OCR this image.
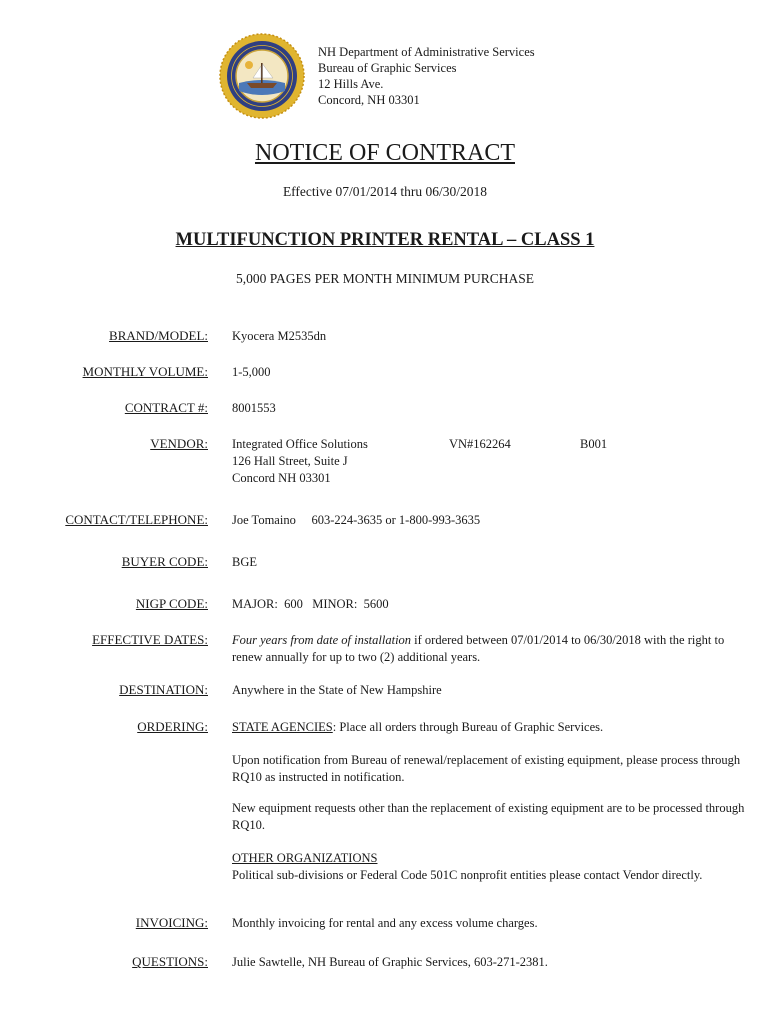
NH Department of Administrative Services
Bureau of Graphic Services
12 Hills Ave.
Concord, NH 03301
NOTICE OF CONTRACT
Effective 07/01/2014 thru 06/30/2018
MULTIFUNCTION PRINTER RENTAL – CLASS 1
5,000 PAGES PER MONTH MINIMUM PURCHASE
BRAND/MODEL: Kyocera M2535dn
MONTHLY VOLUME: 1-5,000
CONTRACT #: 8001553
VENDOR: Integrated Office Solutions	VN#162264	B001
126 Hall Street, Suite J
Concord NH 03301
CONTACT/TELEPHONE: Joe Tomaino     603-224-3635 or 1-800-993-3635
BUYER CODE: BGE
NIGP CODE: MAJOR:  600   MINOR:  5600
EFFECTIVE DATES: Four years from date of installation if ordered between 07/01/2014 to 06/30/2018 with the right to renew annually for up to two (2) additional years.
DESTINATION: Anywhere in the State of New Hampshire
ORDERING: STATE AGENCIES: Place all orders through Bureau of Graphic Services.
Upon notification from Bureau of renewal/replacement of existing equipment, please process through RQ10 as instructed in notification.
New equipment requests other than the replacement of existing equipment are to be processed through RQ10.
OTHER ORGANIZATIONS
Political sub-divisions or Federal Code 501C nonprofit entities please contact Vendor directly.
INVOICING: Monthly invoicing for rental and any excess volume charges.
QUESTIONS: Julie Sawtelle, NH Bureau of Graphic Services, 603-271-2381.
